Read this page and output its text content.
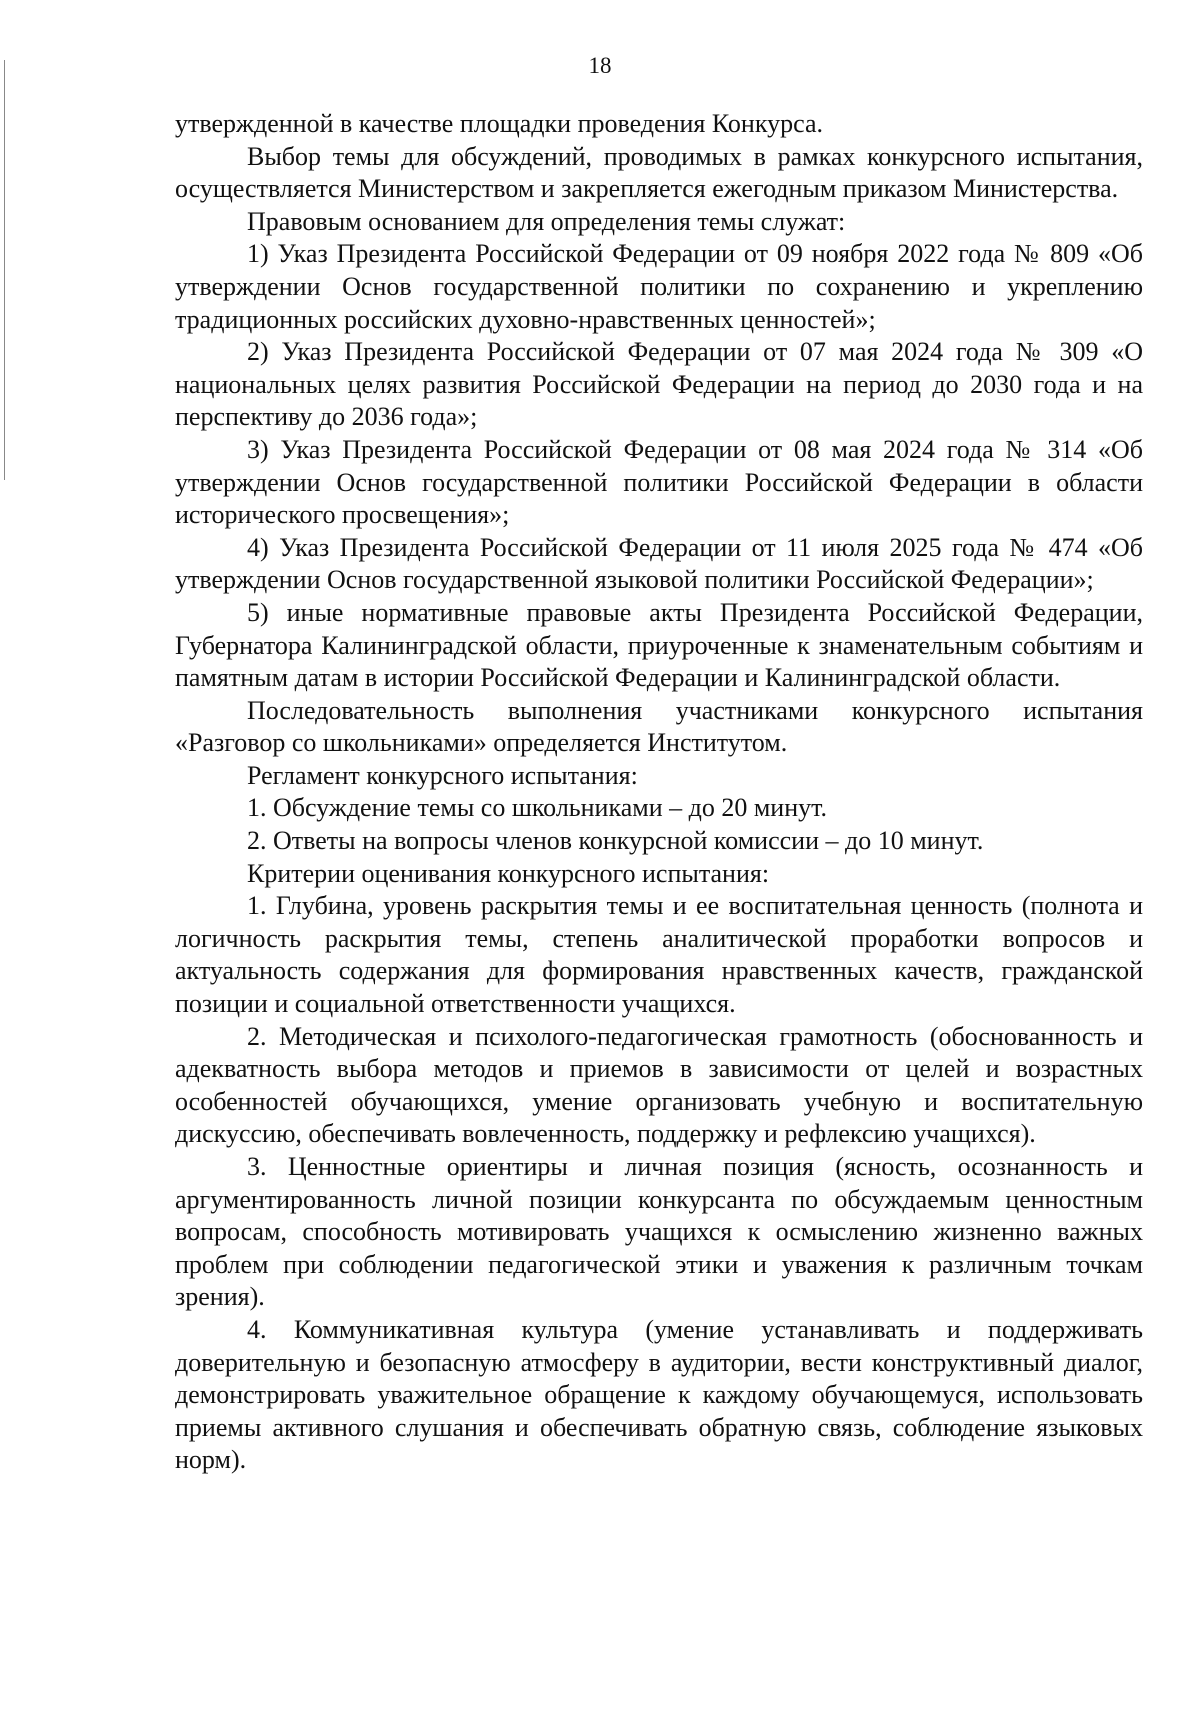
18

утвержденной в качестве площадки проведения Конкурса.

Выбор темы для обсуждений, проводимых в рамках конкурсного испытания, осуществляется Министерством и закрепляется ежегодным приказом Министерства.

Правовым основанием для определения темы служат:

1) Указ Президента Российской Федерации от 09 ноября 2022 года № 809 «Об утверждении Основ государственной политики по сохранению и укреплению традиционных российских духовно-нравственных ценностей»;

2) Указ Президента Российской Федерации от 07 мая 2024 года № 309 «О национальных целях развития Российской Федерации на период до 2030 года и на перспективу до 2036 года»;

3) Указ Президента Российской Федерации от 08 мая 2024 года № 314 «Об утверждении Основ государственной политики Российской Федерации в области исторического просвещения»;

4) Указ Президента Российской Федерации от 11 июля 2025 года № 474 «Об утверждении Основ государственной языковой политики Российской Федерации»;

5) иные нормативные правовые акты Президента Российской Федерации, Губернатора Калининградской области, приуроченные к знаменательным событиям и памятным датам в истории Российской Федерации и Калининградской области.

Последовательность выполнения участниками конкурсного испытания «Разговор со школьниками» определяется Институтом.

Регламент конкурсного испытания:

1. Обсуждение темы со школьниками – до 20 минут.

2. Ответы на вопросы членов конкурсной комиссии – до 10 минут.

Критерии оценивания конкурсного испытания:

1. Глубина, уровень раскрытия темы и ее воспитательная ценность (полнота и логичность раскрытия темы, степень аналитической проработки вопросов и актуальность содержания для формирования нравственных качеств, гражданской позиции и социальной ответственности учащихся.

2. Методическая и психолого-педагогическая грамотность (обоснованность и адекватность выбора методов и приемов в зависимости от целей и возрастных особенностей обучающихся, умение организовать учебную и воспитательную дискуссию, обеспечивать вовлеченность, поддержку и рефлексию учащихся).

3. Ценностные ориентиры и личная позиция (ясность, осознанность и аргументированность личной позиции конкурсанта по обсуждаемым ценностным вопросам, способность мотивировать учащихся к осмыслению жизненно важных проблем при соблюдении педагогической этики и уважения к различным точкам зрения).

4. Коммуникативная культура (умение устанавливать и поддерживать доверительную и безопасную атмосферу в аудитории, вести конструктивный диалог, демонстрировать уважительное обращение к каждому обучающемуся, использовать приемы активного слушания и обеспечивать обратную связь, соблюдение языковых норм).
